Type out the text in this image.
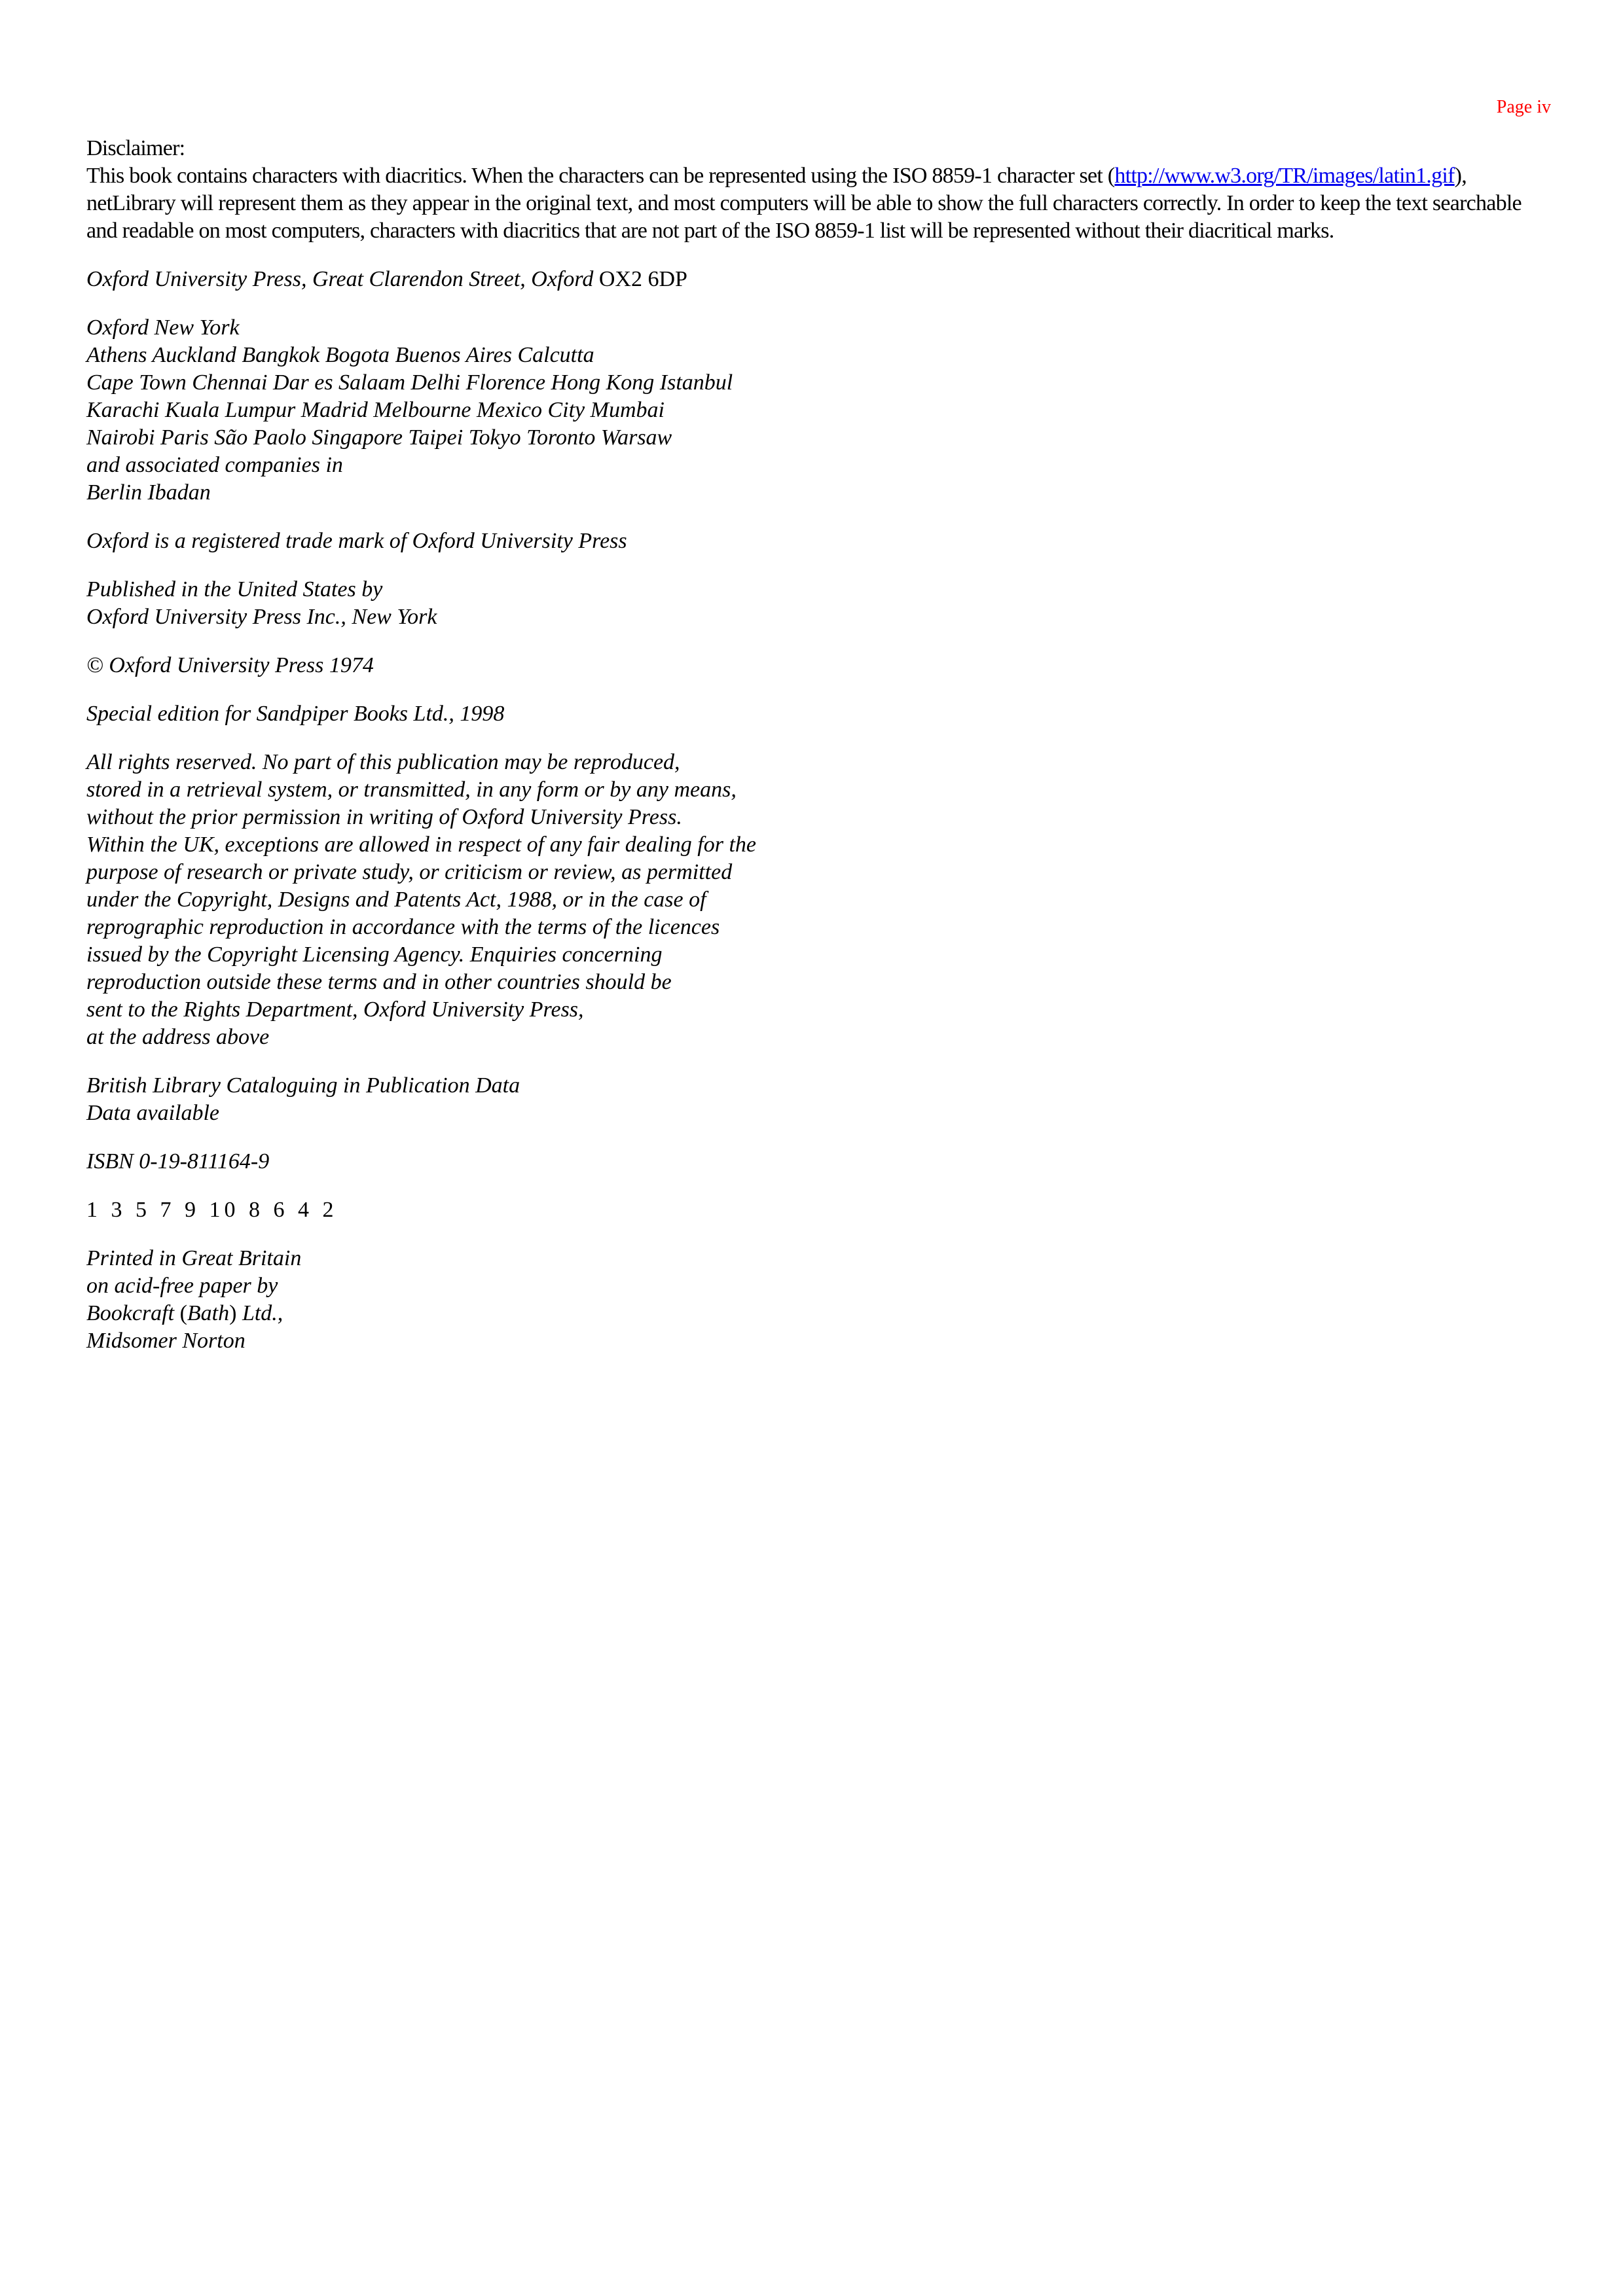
Page iv
Disclaimer:
This book contains characters with diacritics. When the characters can be represented using the ISO 8859-1 character set (http://www.w3.org/TR/images/latin1.gif), netLibrary will represent them as they appear in the original text, and most computers will be able to show the full characters correctly. In order to keep the text searchable and readable on most computers, characters with diacritics that are not part of the ISO 8859-1 list will be represented without their diacritical marks.
Oxford University Press, Great Clarendon Street, Oxford OX2 6DP
Oxford New York
Athens Auckland Bangkok Bogota Buenos Aires Calcutta
Cape Town Chennai Dar es Salaam Delhi Florence Hong Kong Istanbul
Karachi Kuala Lumpur Madrid Melbourne Mexico City Mumbai
Nairobi Paris São Paolo Singapore Taipei Tokyo Toronto Warsaw
and associated companies in
Berlin Ibadan
Oxford is a registered trade mark of Oxford University Press
Published in the United States by
Oxford University Press Inc., New York
© Oxford University Press 1974
Special edition for Sandpiper Books Ltd., 1998
All rights reserved. No part of this publication may be reproduced,
stored in a retrieval system, or transmitted, in any form or by any means,
without the prior permission in writing of Oxford University Press.
Within the UK, exceptions are allowed in respect of any fair dealing for the
purpose of research or private study, or criticism or review, as permitted
under the Copyright, Designs and Patents Act, 1988, or in the case of
reprographic reproduction in accordance with the terms of the licences
issued by the Copyright Licensing Agency. Enquiries concerning
reproduction outside these terms and in other countries should be
sent to the Rights Department, Oxford University Press,
at the address above
British Library Cataloguing in Publication Data
Data available
ISBN 0-19-811164-9
1 3 5 7 9 10 8 6 4 2
Printed in Great Britain
on acid-free paper by
Bookcraft (Bath) Ltd.,
Midsomer Norton
